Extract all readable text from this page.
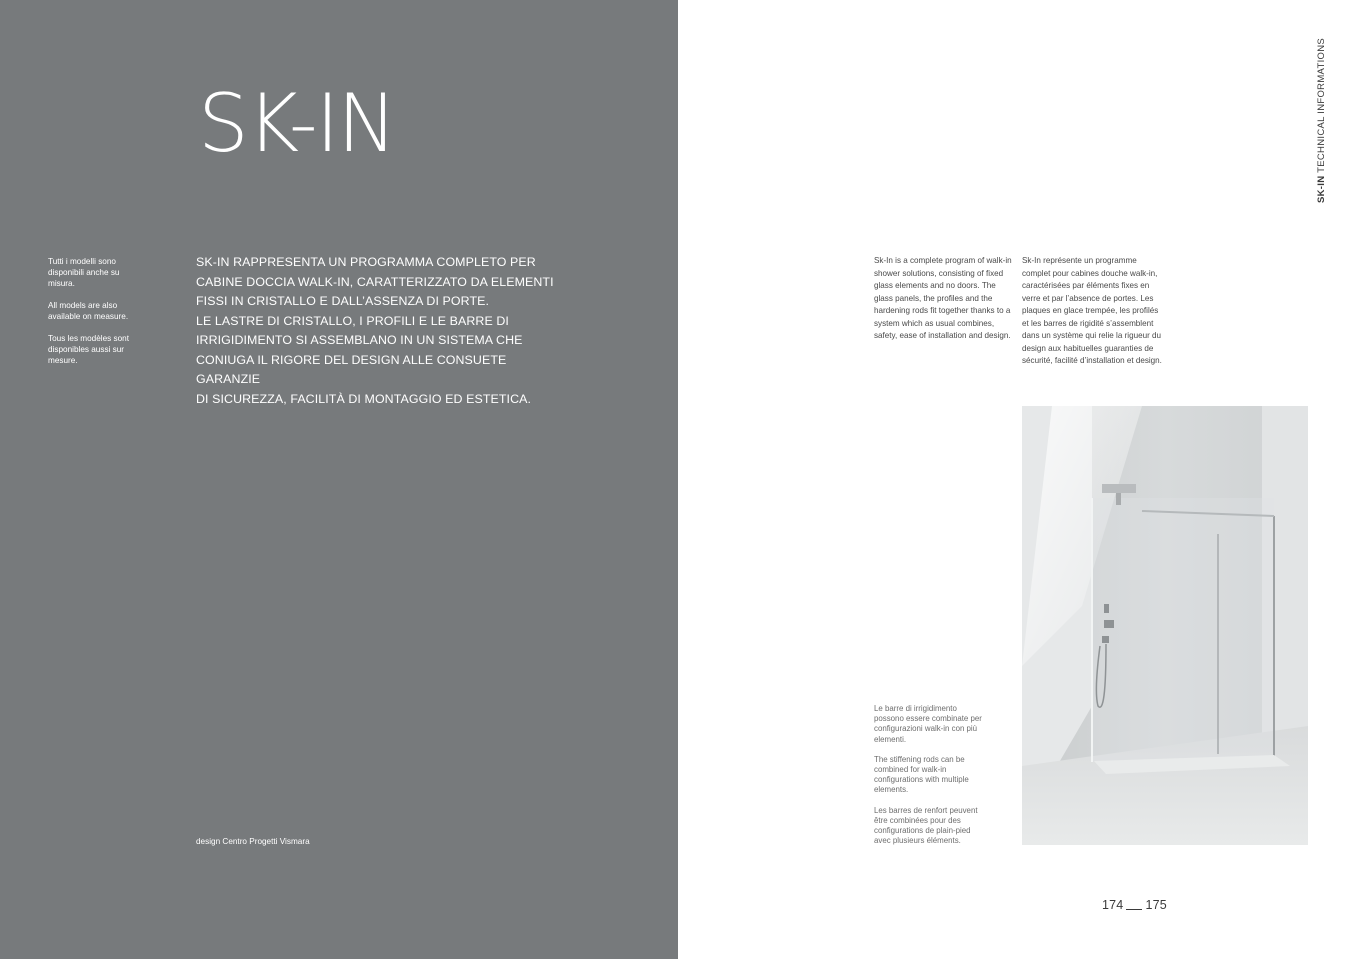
SK-IN

Tutti i modelli sono disponibili anche su misura.

All models are also available on measure.

Tous les modèles sont disponibles aussi sur mesure.

SK-IN RAPPRESENTA UN PROGRAMMA COMPLETO PER
CABINE DOCCIA WALK-IN, CARATTERIZZATO DA ELEMENTI
FISSI IN CRISTALLO E DALL’ASSENZA DI PORTE.
LE LASTRE DI CRISTALLO, I PROFILI E LE BARRE DI
IRRIGIDIMENTO SI ASSEMBLANO IN UN SISTEMA CHE
CONIUGA IL RIGORE DEL DESIGN ALLE CONSUETE GARANZIE
DI SICUREZZA, FACILITÀ DI MONTAGGIO ED ESTETICA.
design Centro Progetti Vismara
SK-IN TECHNICAL INFORMATIONS
Sk-In is a complete program of walk-in shower solutions, consisting of fixed glass elements and no doors. The glass panels, the profiles and the hardening rods fit together thanks to a system which as usual combines, safety, ease of installation and design.
Sk-In représente un programme complet pour cabines douche walk-in, caractérisées par éléments fixes en verre et par l’absence de portes. Les plaques en glace trempée, les profilés et les barres de rigidité s’assemblent dans un système qui relie la rigueur du design aux habituelles guaranties de sécurité, facilité d’installation et design.

Le barre di irrigidimento possono essere combinate per configurazioni walk-in con più elementi.

The stiffening rods can be combined for walk-in configurations with multiple elements.

Les barres de renfort peuvent être combinées pour des configurations de plain-pied avec plusieurs éléments.

174 175
